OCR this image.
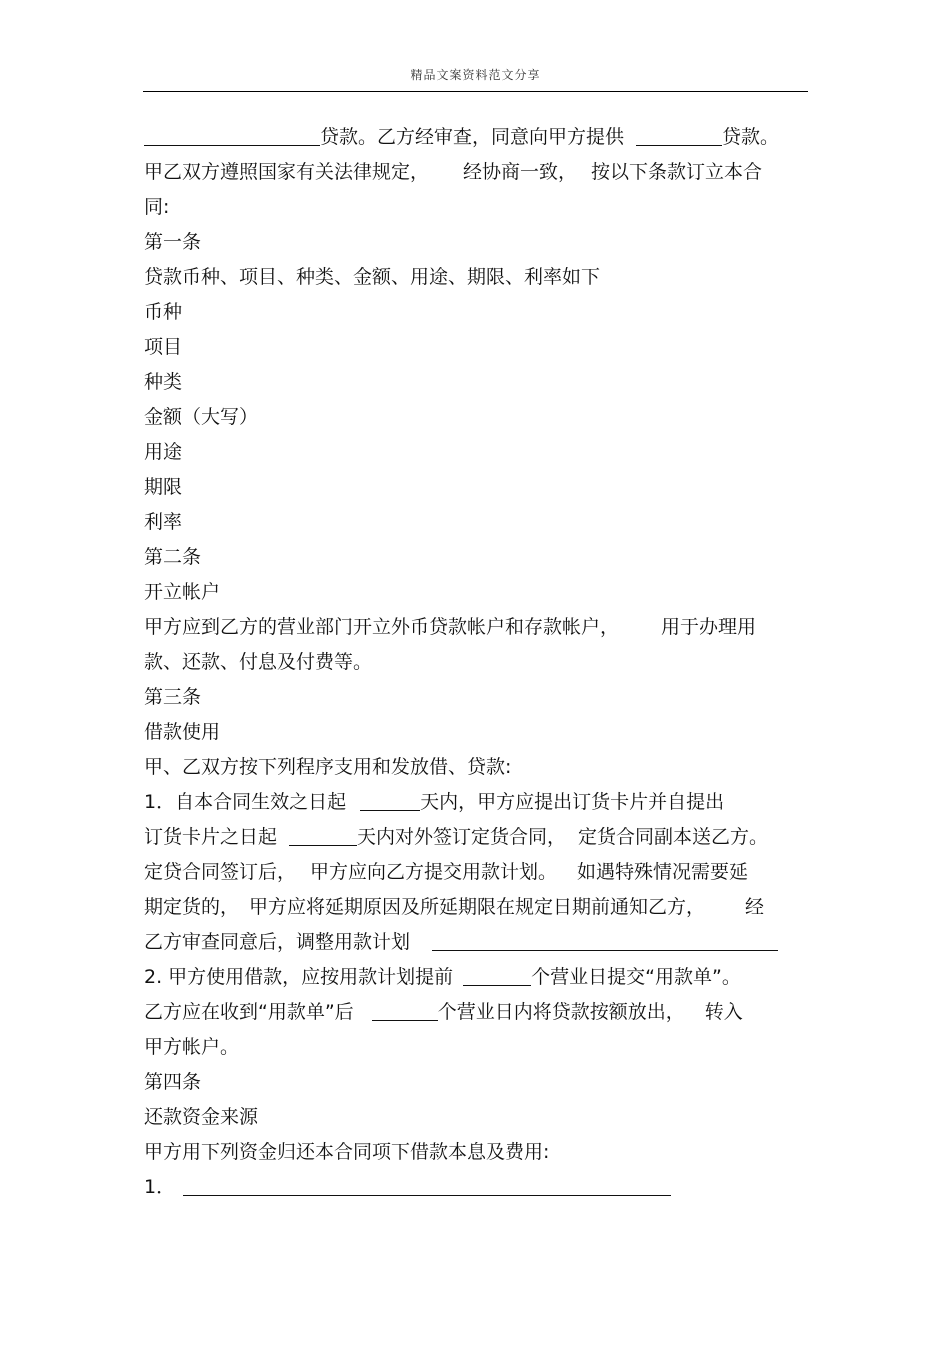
精品文案资料范文分享
贷款。乙方经审查，同意向甲方提供	贷款。
甲乙双方遵照国家有关法律规定， 经协商一致， 按以下条款订立本合
同:
第一条
贷款币种、项目、种类、金额、用途、期限、利率如下
币种
项目
种类
金额（大写）
用途
期限
利率
第二条
开立帐户
甲方应到乙方的营业部门开立外币贷款帐户和存款帐户， 用于办理用
款、还款、付息及付费等。
第三条
借款使用
甲、乙双方按下列程序支用和发放借、贷款:
1．自本合同生效之日起	天内，甲方应提出订货卡片并自提出
订货卡片之日起	天内对外签订定货合同， 定货合同副本送乙方。
定贷合同签订后， 甲方应向乙方提交用款计划。 如遇特殊情况需要延
期定货的， 甲方应将延期原因及所延期限在规定日期前通知乙方， 经
乙方审查同意后，调整用款计划
2. 甲方使用借款，应按用款计划提前	个营业日提交“用款单”。
乙方应在收到“用款单”后	个营业日内将贷款按额放出， 转入
甲方帐户。
第四条
还款资金来源
甲方用下列资金归还本合同项下借款本息及费用:
1．
